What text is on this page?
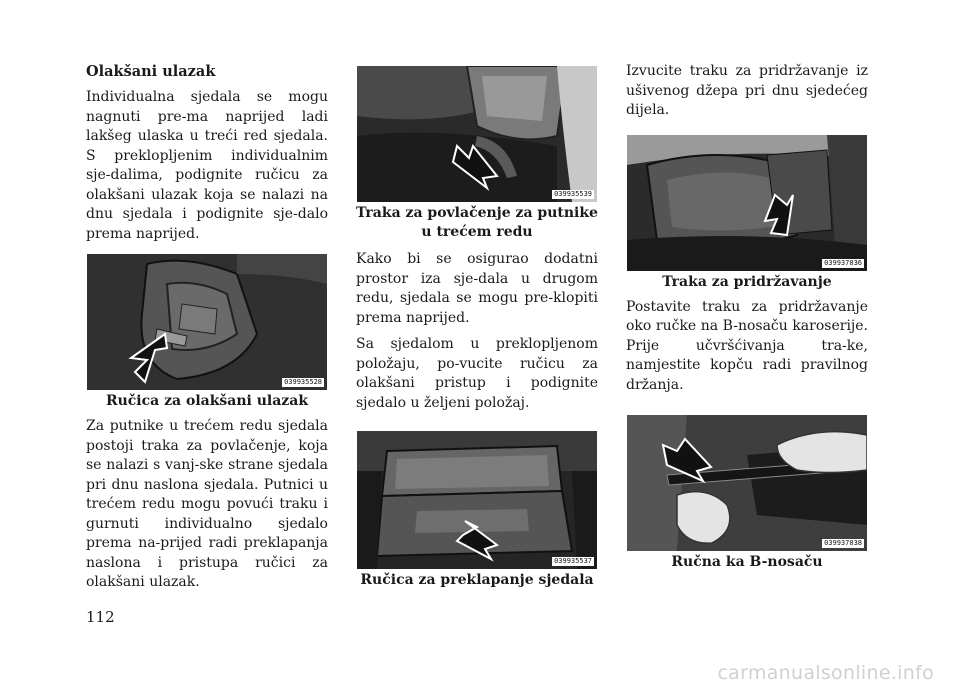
Olakšani ulazak

Individualna sjedala se mogu nagnuti pre-ma naprijed ladi lakšeg ulaska u treći red sjedala. S preklopljenim individualnim sje-dalima, podignite ručicu za olakšani ulazak koja se nalazi na dnu sjedala i podignite sje-dalo prema naprijed.

039935528
Ručica za olakšani ulazak

Za putnike u trećem redu sjedala postoji traka za povlačenje, koja se nalazi s vanj-ske strane sjedala pri dnu naslona sjedala. Putnici u trećem redu mogu povući traku i gurnuti individualno sjedalo prema na-prijed radi preklapanja naslona i pristupa ručici za olakšani ulazak.

039935539
Traka za povlačenje za putnike
u trećem redu

Kako bi se osigurao dodatni prostor iza sje-dala u drugom redu, sjedala se mogu pre-klopiti prema naprijed.

Sa sjedalom u preklopljenom položaju, po-vucite ručicu za olakšani pristup i podignite sjedalo u željeni položaj.

039935537
Ručica za preklapanje sjedala

Izvucite traku za pridržavanje iz ušivenog džepa pri dnu sjedećeg dijela.

039937036
Traka za pridržavanje

Postavite traku za pridržavanje oko ručke na B-nosaču karoserije. Prije učvršćivanja tra-ke, namjestite kopču radi pravilnog držanja.

039937038
Ručna ka B-nosaču
112
carmanualsonline.info
